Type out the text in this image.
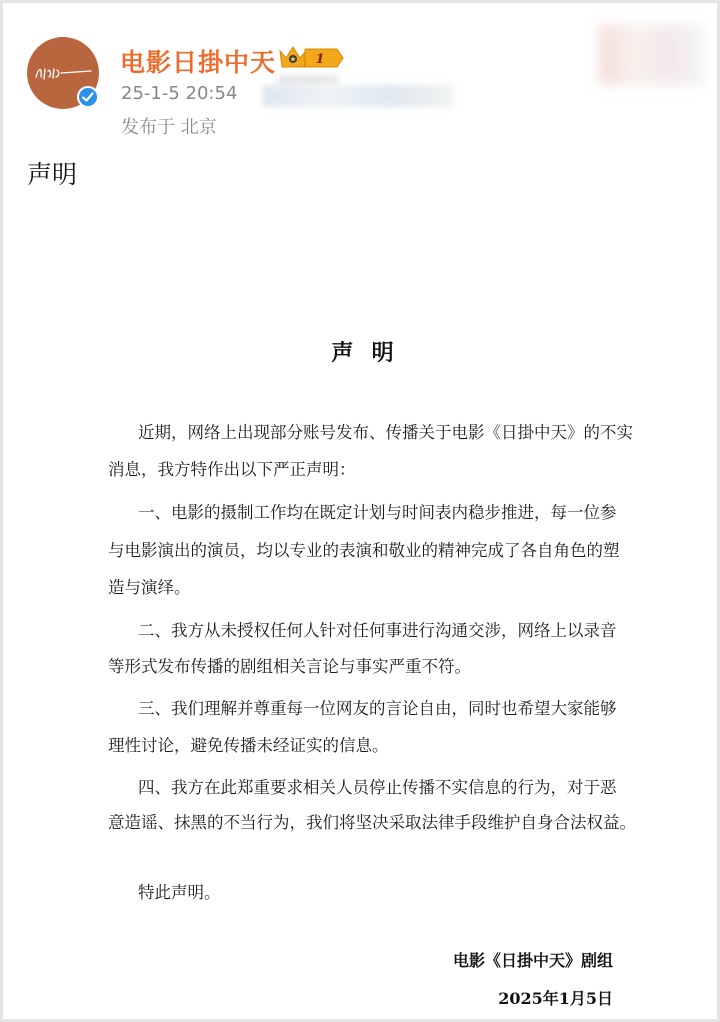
电影日掛中天	1
25-1-5 20:54
发布于 北京
声明
声  明
近期，网络上出现部分账号发布、传播关于电影《日掛中天》的不实
消息，我方特作出以下严正声明：
一、电影的摄制工作均在既定计划与时间表内稳步推进，每一位参
与电影演出的演员，均以专业的表演和敬业的精神完成了各自角色的塑
造与演绎。
二、我方从未授权任何人针对任何事进行沟通交涉，网络上以录音
等形式发布传播的剧组相关言论与事实严重不符。
三、我们理解并尊重每一位网友的言论自由，同时也希望大家能够
理性讨论，避免传播未经证实的信息。
四、我方在此郑重要求相关人员停止传播不实信息的行为，对于恶
意造谣、抹黑的不当行为，我们将坚决采取法律手段维护自身合法权益。
特此声明。
电影《日掛中天》剧组
2025年1月5日
